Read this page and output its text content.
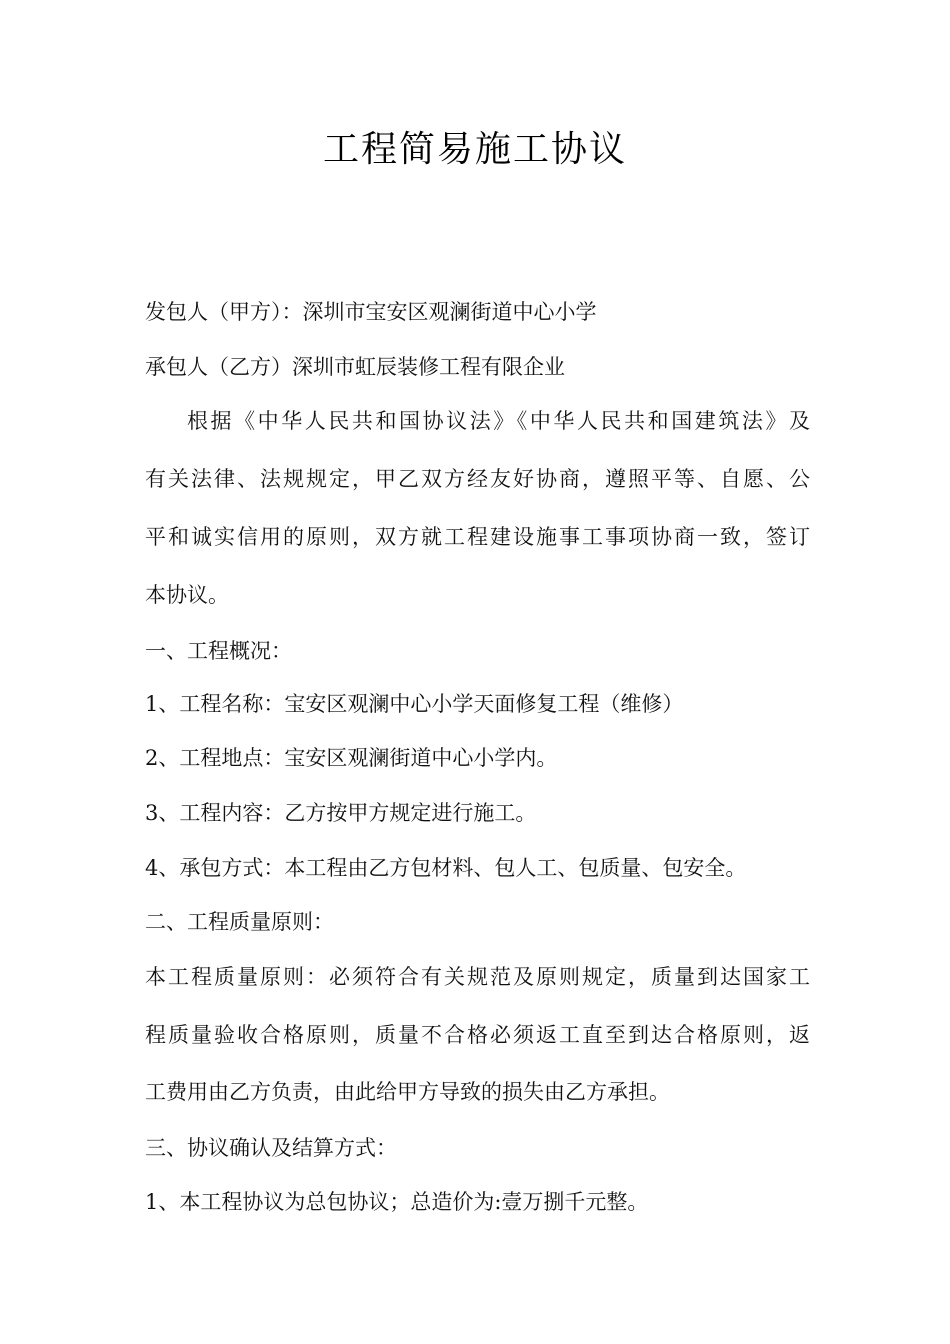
工程简易施工协议
发包人（甲方）：深圳市宝安区观澜街道中心小学
承包人（乙方）深圳市虹辰装修工程有限企业
根据《中华人民共和国协议法》《中华人民共和国建筑法》及
有关法律、法规规定，甲乙双方经友好协商，遵照平等、自愿、公
平和诚实信用的原则，双方就工程建设施事工事项协商一致，签订
本协议。
一、工程概况：
1、工程名称：宝安区观澜中心小学天面修复工程（维修）
2、工程地点：宝安区观澜街道中心小学内。
3、工程内容：乙方按甲方规定进行施工。
4、承包方式：本工程由乙方包材料、包人工、包质量、包安全。
二、工程质量原则：
本工程质量原则：必须符合有关规范及原则规定，质量到达国家工
程质量验收合格原则，质量不合格必须返工直至到达合格原则，返
工费用由乙方负责，由此给甲方导致的损失由乙方承担。
三、协议确认及结算方式：
1、本工程协议为总包协议；总造价为:壹万捌千元整。
